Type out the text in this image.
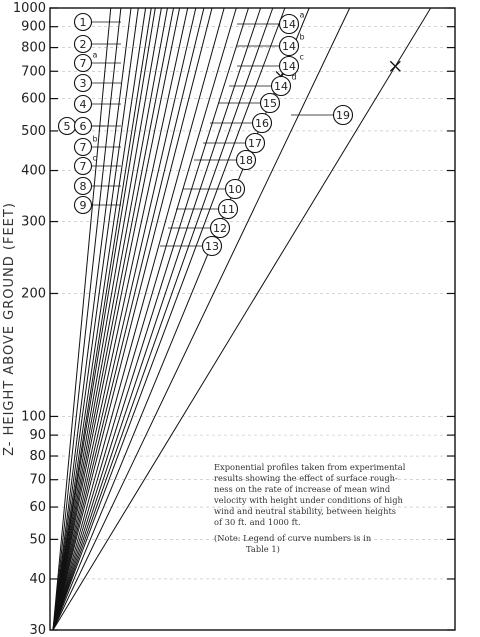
1000
900
800
700
600
500
400
300
200
100
90
80
70
60
50
40
30
Z- HEIGHT ABOVE GROUND (FEET)
1
2
7
a
3
4
5 6
7
b
7
c
8
9
10
11
12
13
14
a
14
b
14
c
14
d
15
16
17
18
19

Exponential profiles taken from experimental
results showing the effect of surface rough-
ness on the rate of increase of mean wind
velocity with height under conditions of high
wind and neutral stability, between heights
of 30 ft. and 1000 ft.

(Note: Legend of curve numbers is in
Table 1)
